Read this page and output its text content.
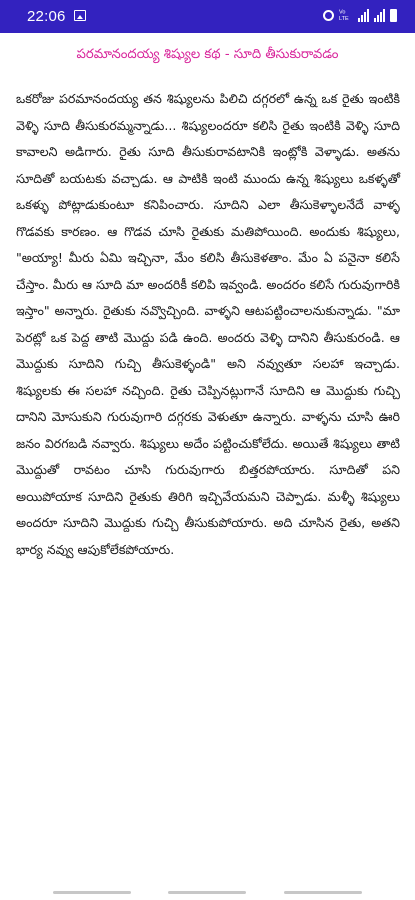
22:06	Vo
LTE
పరమానందయ్య శిష్యుల కథ - సూది తీసుకురావడం

ఒకరోజు పరమానందయ్య తన శిష్యులను పిలిచి దగ్గరలో ఉన్న ఒక రైతు ఇంటికి వెళ్ళి సూది తీసుకురమ్మన్నాడు... శిష్యులందరూ కలిసి రైతు ఇంటికి వెళ్ళి సూది కావాలని అడిగారు. రైతు సూది తీసుకురావటానికి ఇంట్లోకి వెళ్ళాడు. అతను సూదితో బయటకు వచ్చాడు. ఆ పాటికి ఇంటి ముందు ఉన్న శిష్యులు ఒకళ్ళతో ఒకళ్ళు పోట్లాడుకుంటూ కనిపించారు. సూదిని ఎలా తీసుకెళ్ళాలనేదే వాళ్ళ గొడవకు కారణం. ఆ గొడవ చూసి రైతుకు మతిపోయింది. అందుకు శిష్యులు, "అయ్యా! మీరు ఏమి ఇచ్చినా, మేం కలిసి తీసుకెళతాం. మేం ఏ పనైనా కలిసే చేస్తాం. మీరు ఆ సూది మా అందరికీ కలిపి ఇవ్వండి. అందరం కలిసే గురువుగారికి ఇస్తాం" అన్నారు. రైతుకు నవ్వొచ్చింది. వాళ్ళని ఆటపట్టించాలనుకున్నాడు. "మా పెరట్లో ఒక పెద్ద తాటి మొద్దు పడి ఉంది. అందరు వెళ్ళి దానిని తీసుకురండి. ఆ మొద్దుకు సూదిని గుచ్చి తీసుకెళ్ళండి" అని నవ్వుతూ సలహా ఇచ్చాడు. శిష్యులకు ఈ సలహా నచ్చింది. రైతు చెప్పినట్లుగానే సూదిని ఆ మొద్దుకు గుచ్చి దానిని మోసుకుని గురువుగారి దగ్గరకు వెళుతూ ఉన్నారు. వాళ్ళను చూసి ఊరి జనం విరగబడి నవ్వారు. శిష్యులు అదేం పట్టించుకోలేదు. అయితే శిష్యులు తాటి మొద్దుతో రావటం చూసి గురువుగారు బిత్తరపోయారు. సూదితో పని అయిపోయాక సూదిని రైతుకు తిరిగి ఇచ్చివేయమని చెప్పాడు. మళ్ళీ శిష్యులు అందరూ సూదిని మొద్దుకు గుచ్చి తీసుకుపోయారు. అది చూసిన రైతు, అతని భార్య నవ్వు ఆపుకోలేకపోయారు.
